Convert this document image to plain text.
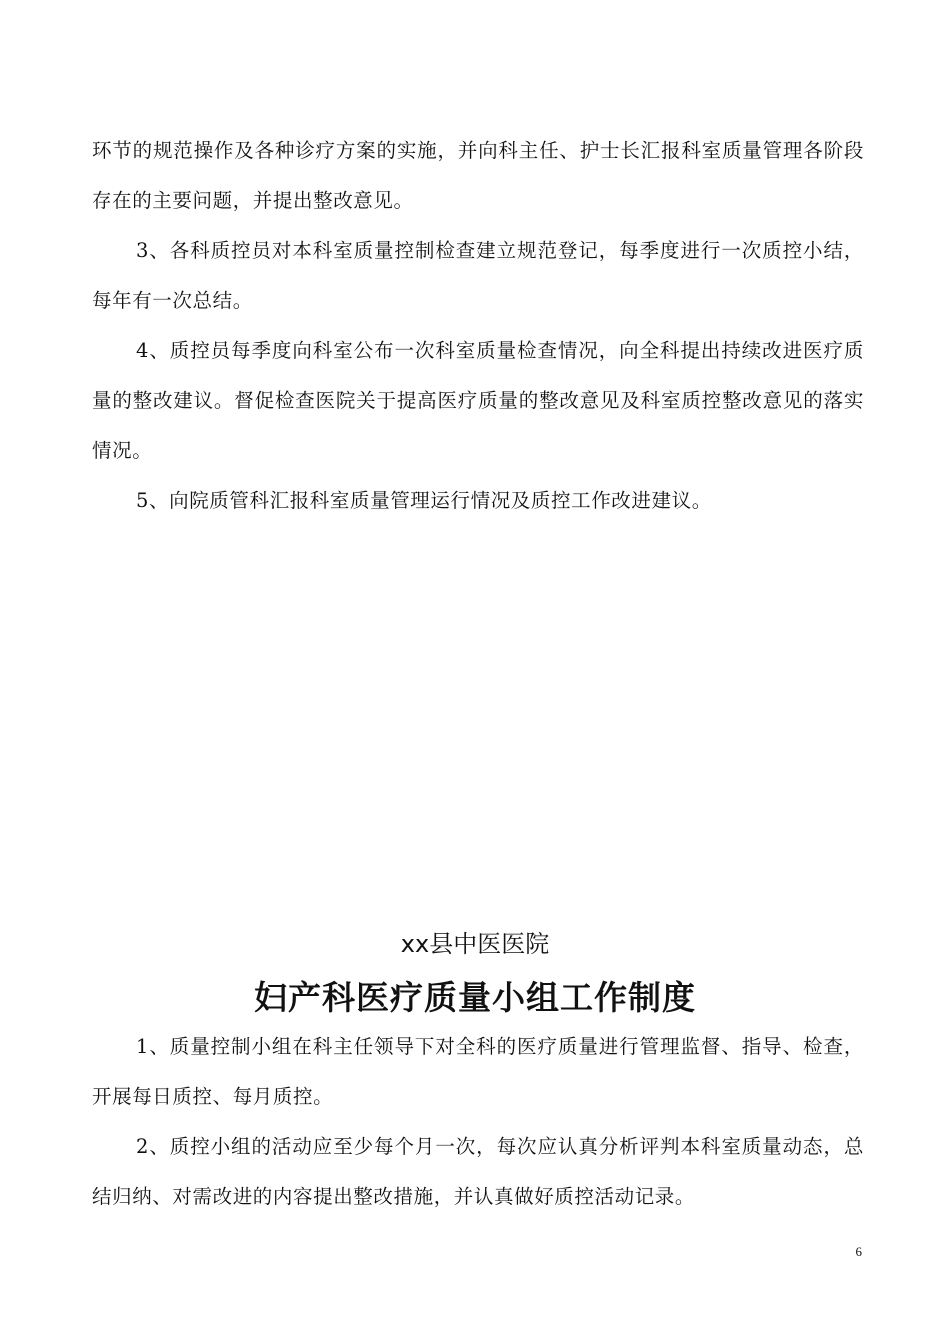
环节的规范操作及各种诊疗方案的实施，并向科主任、护士长汇报科室质量管理各阶段存在的主要问题，并提出整改意见。

3、各科质控员对本科室质量控制检查建立规范登记，每季度进行一次质控小结，每年有一次总结。

4、质控员每季度向科室公布一次科室质量检查情况，向全科提出持续改进医疗质量的整改建议。督促检查医院关于提高医疗质量的整改意见及科室质控整改意见的落实情况。

5、向院质管科汇报科室质量管理运行情况及质控工作改进建议。

xx县中医医院
妇产科医疗质量小组工作制度

1、质量控制小组在科主任领导下对全科的医疗质量进行管理监督、指导、检查，开展每日质控、每月质控。

2、质控小组的活动应至少每个月一次，每次应认真分析评判本科室质量动态，总结归纳、对需改进的内容提出整改措施，并认真做好质控活动记录。

6
